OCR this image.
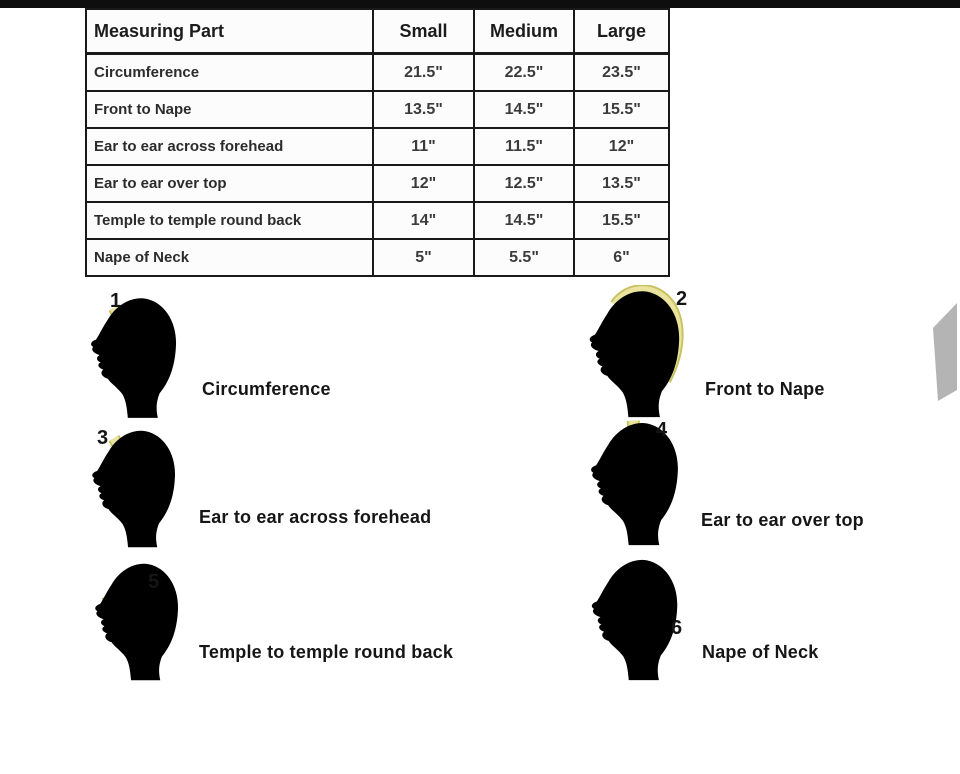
Measuring Part	Small	Medium	Large
Circumference	21.5"	22.5"	23.5"
Front to Nape	13.5"	14.5"	15.5"
Ear to ear across forehead	11"	11.5"	12"
Ear to ear over top	12"	12.5"	13.5"
Temple to temple round back	14"	14.5"	15.5"
Nape of Neck	5"	5.5"	6"
1
Circumference
2
Front to Nape
3
Ear to ear across forehead
4
Ear to ear over top
5
Temple to temple round back
6
Nape of Neck
